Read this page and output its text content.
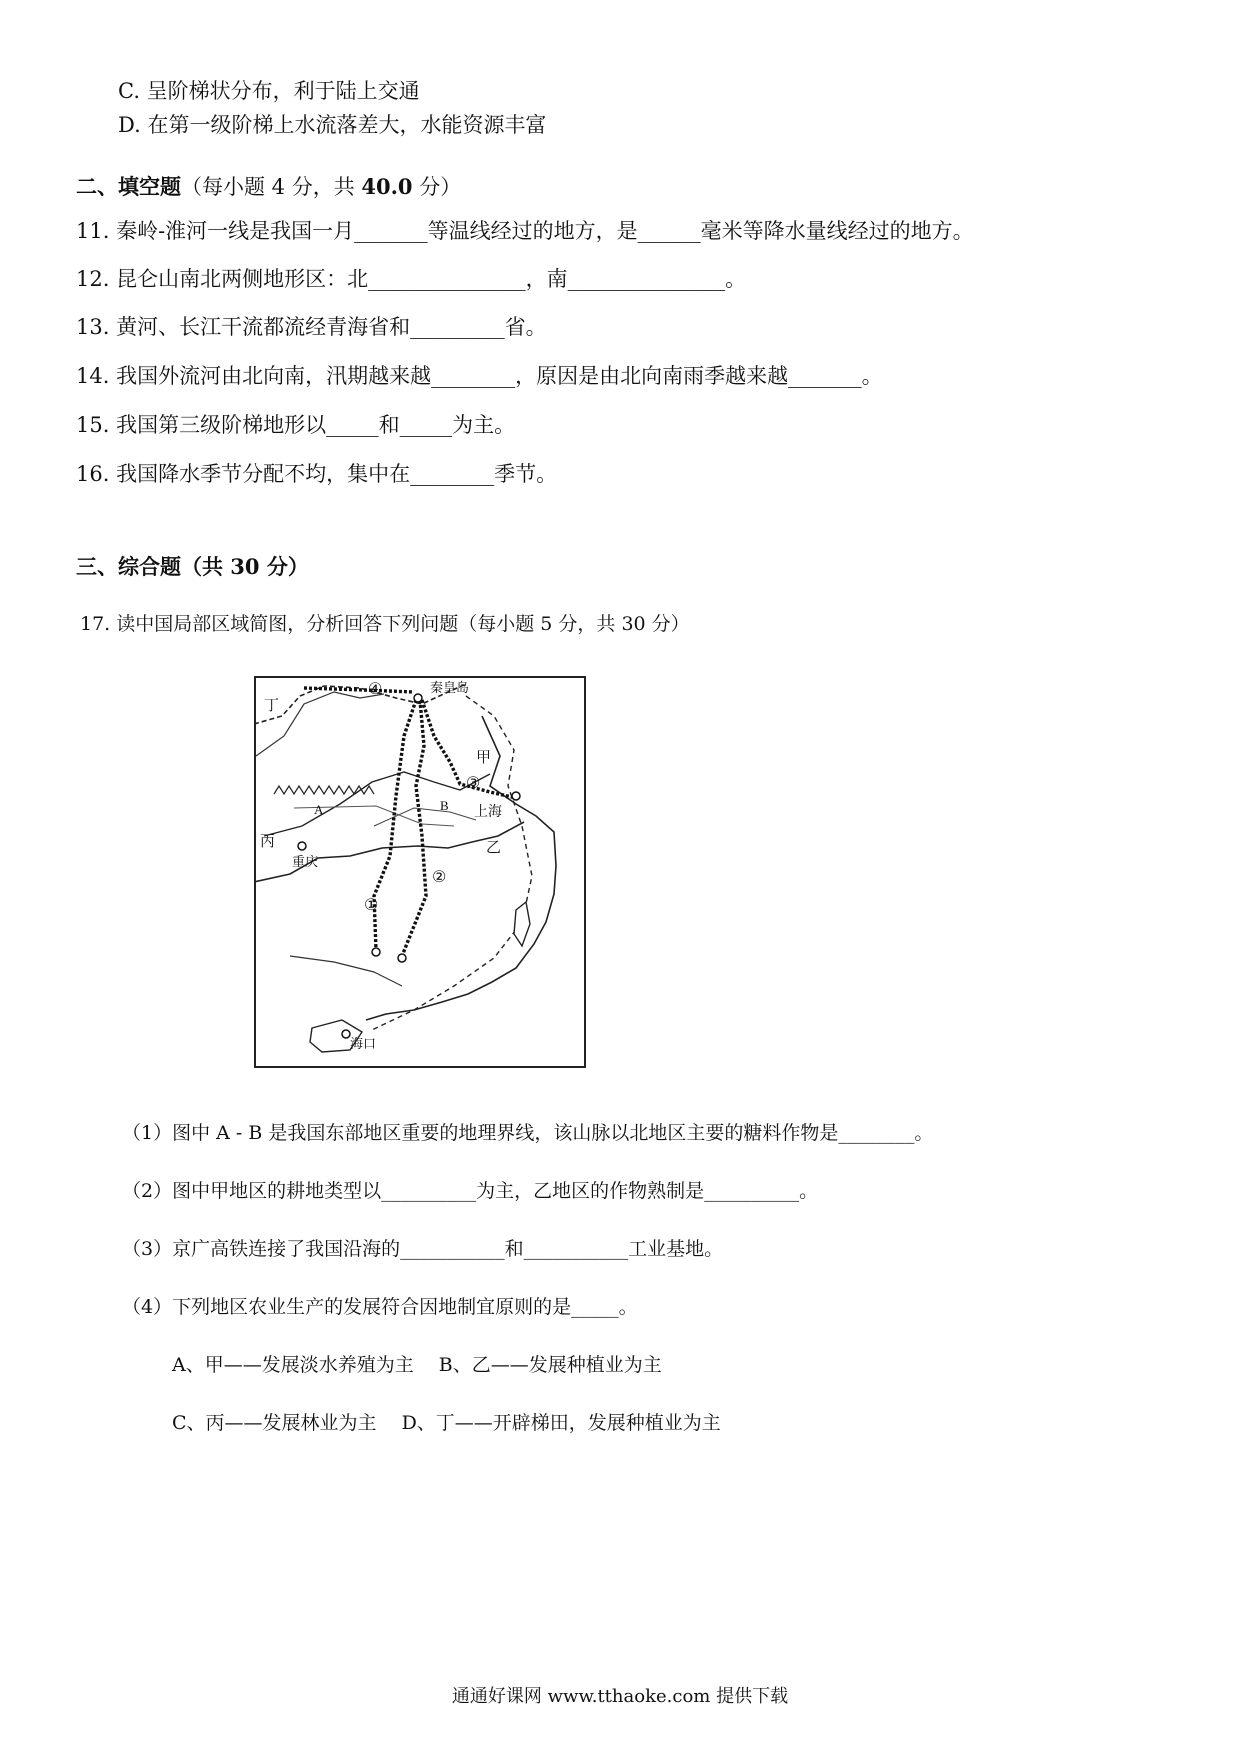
C. 呈阶梯状分布，利于陆上交通
D. 在第一级阶梯上水流落差大，水能资源丰富
二、填空题（每小题 4 分，共 40.0 分）
11. 秦岭-淮河一线是我国一月_______等温线经过的地方，是______毫米等降水量线经过的地方。
12. 昆仑山南北两侧地形区：北_______________，南_______________。
13. 黄河、长江干流都流经青海省和_________省。
14. 我国外流河由北向南，汛期越来越________，原因是由北向南雨季越来越_______。
15. 我国第三级阶梯地形以_____和_____为主。
16. 我国降水季节分配不均，集中在________季节。
三、综合题（共 30 分）
17. 读中国局部区域简图，分析回答下列问题（每小题 5 分，共 30 分）
丁
秦皇岛
甲
A	B 上海
丙	乙
重庆
海口
①
②
③
④
（1）图中 A - B 是我国东部地区重要的地理界线，该山脉以北地区主要的糖料作物是________。
（2）图中甲地区的耕地类型以__________为主，乙地区的作物熟制是__________。
（3）京广高铁连接了我国沿海的___________和___________工业基地。
（4）下列地区农业生产的发展符合因地制宜原则的是_____。
A、甲——发展淡水养殖为主　 B、乙——发展种植业为主
C、丙——发展林业为主　 D、丁——开辟梯田，发展种植业为主
通通好课网 www.tthaoke.com 提供下载
